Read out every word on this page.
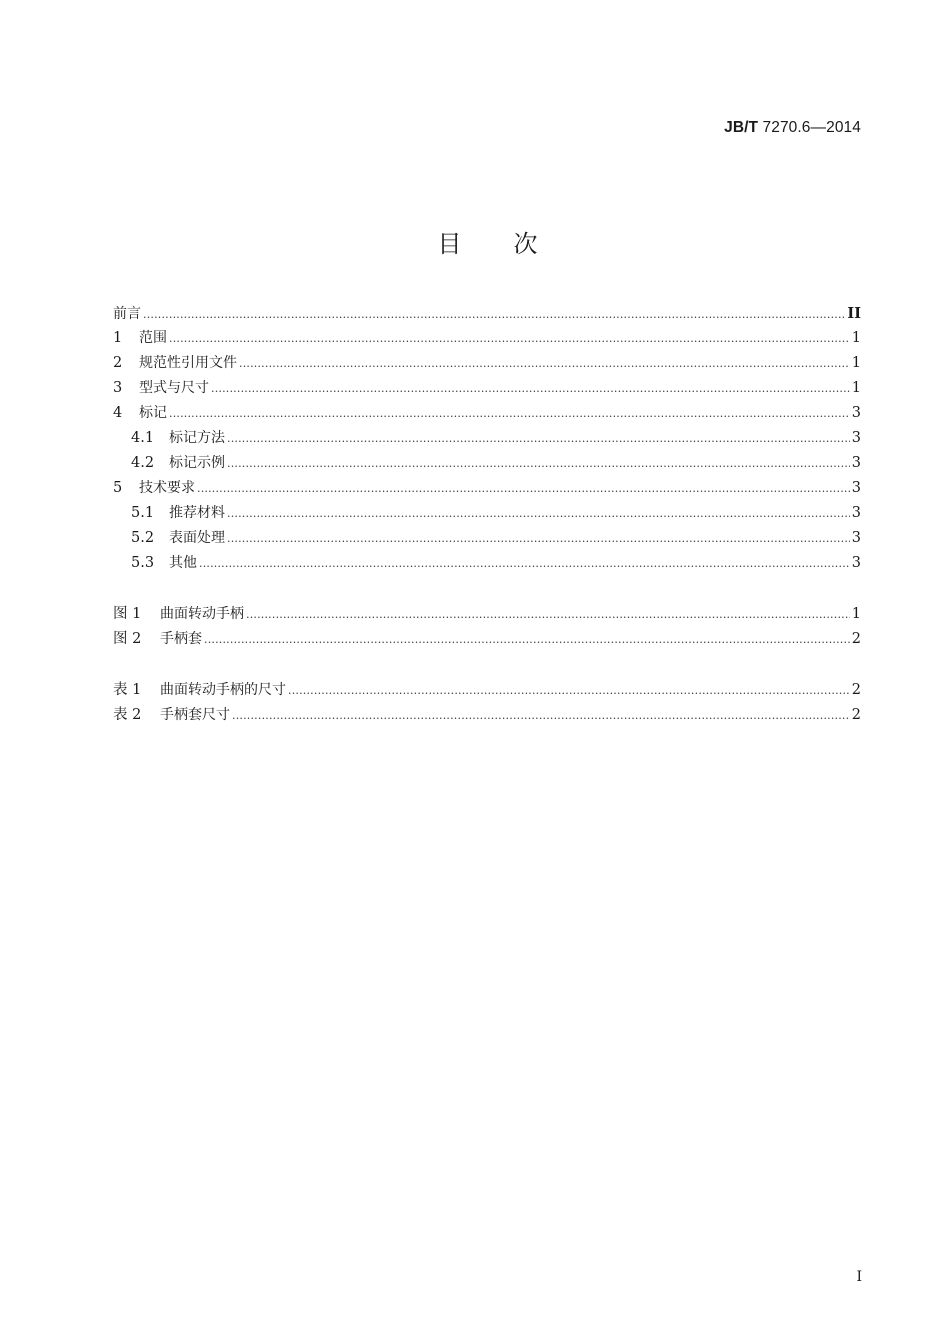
JB/T 7270.6—2014
目 次
前言 .....	II
1	范围 .....	1
2	规范性引用文件 .....	1
3	型式与尺寸 .....	1
4	标记 .....	3
4.1	标记方法 .....	3
4.2	标记示例 .....	3
5	技术要求 .....	3
5.1	推荐材料 .....	3
5.2	表面处理 .....	3
5.3	其他 .....	3
图 1	曲面转动手柄 .....	1
图 2	手柄套 .....	2
表 1	曲面转动手柄的尺寸 .....	2
表 2	手柄套尺寸 .....	2
I
